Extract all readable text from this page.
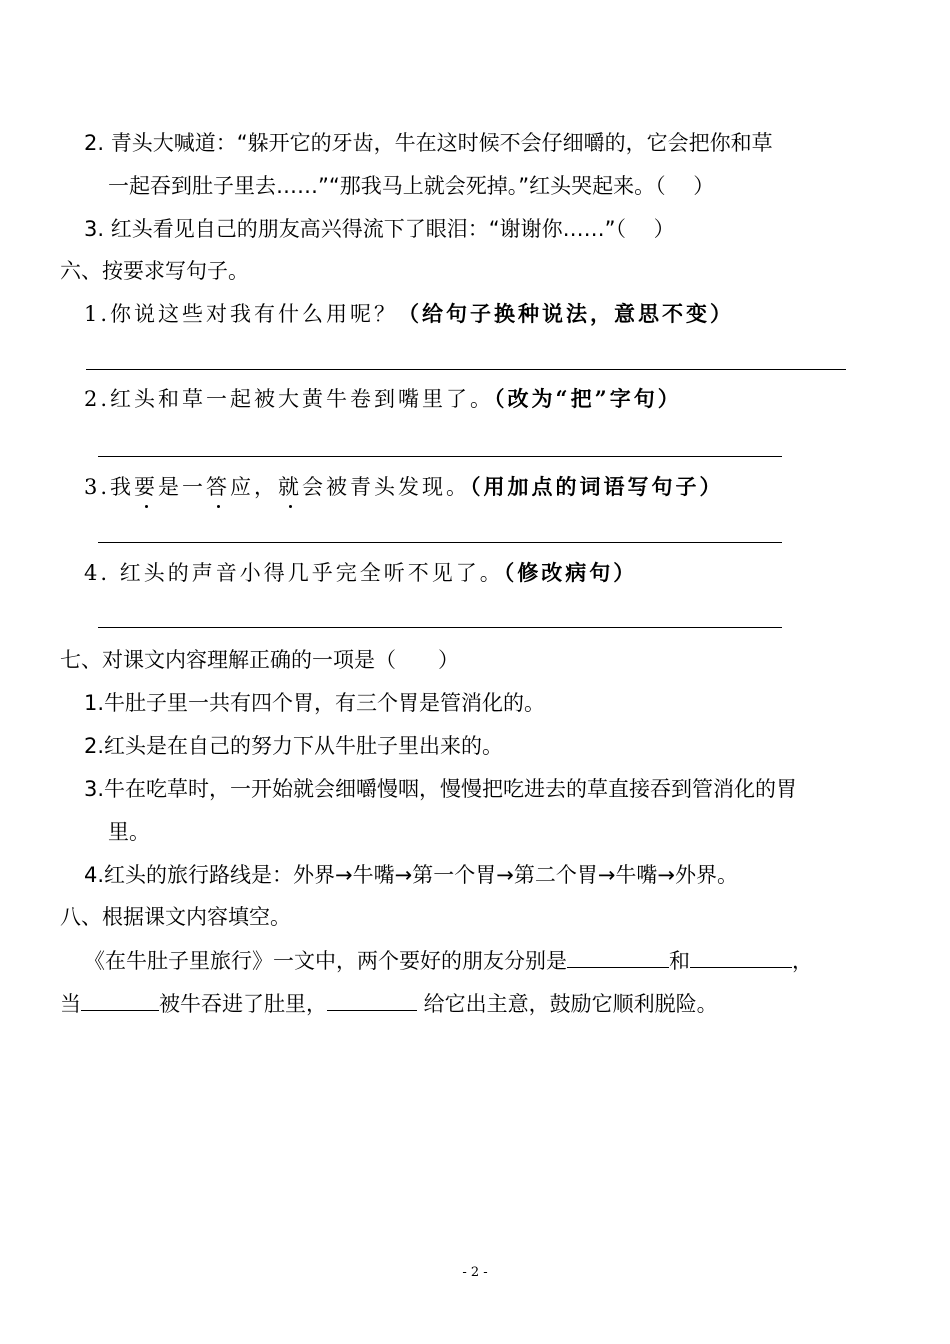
2. 青头大喊道：“躲开它的牙齿，牛在这时候不会仔细嚼的，它会把你和草
一起吞到肚子里去……”“那我马上就会死掉。”红头哭起来。（　 ）
3. 红头看见自己的朋友高兴得流下了眼泪：“谢谢你……”（　 ）
六、按要求写句子。
1.你说这些对我有什么用呢？（给句子换种说法，意思不变）
2.红头和草一起被大黄牛卷到嘴里了。（改为“把”字句）
3.我要是一答应，就会被青头发现。（用加点的词语写句子）
4. 红头的声音小得几乎完全听不见了。（修改病句）
七、对课文内容理解正确的一项是（　　）
1.牛肚子里一共有四个胃，有三个胃是管消化的。
2.红头是在自己的努力下从牛肚子里出来的。
3.牛在吃草时，一开始就会细嚼慢咽，慢慢把吃进去的草直接吞到管消化的胃
里。
4.红头的旅行路线是：外界→牛嘴→第一个胃→第二个胃→牛嘴→外界。
八、根据课文内容填空。
《在牛肚子里旅行》一文中，两个要好的朋友分别是	和	，
当	被牛吞进了肚里，	给它出主意，鼓励它顺利脱险。
- 2 -
